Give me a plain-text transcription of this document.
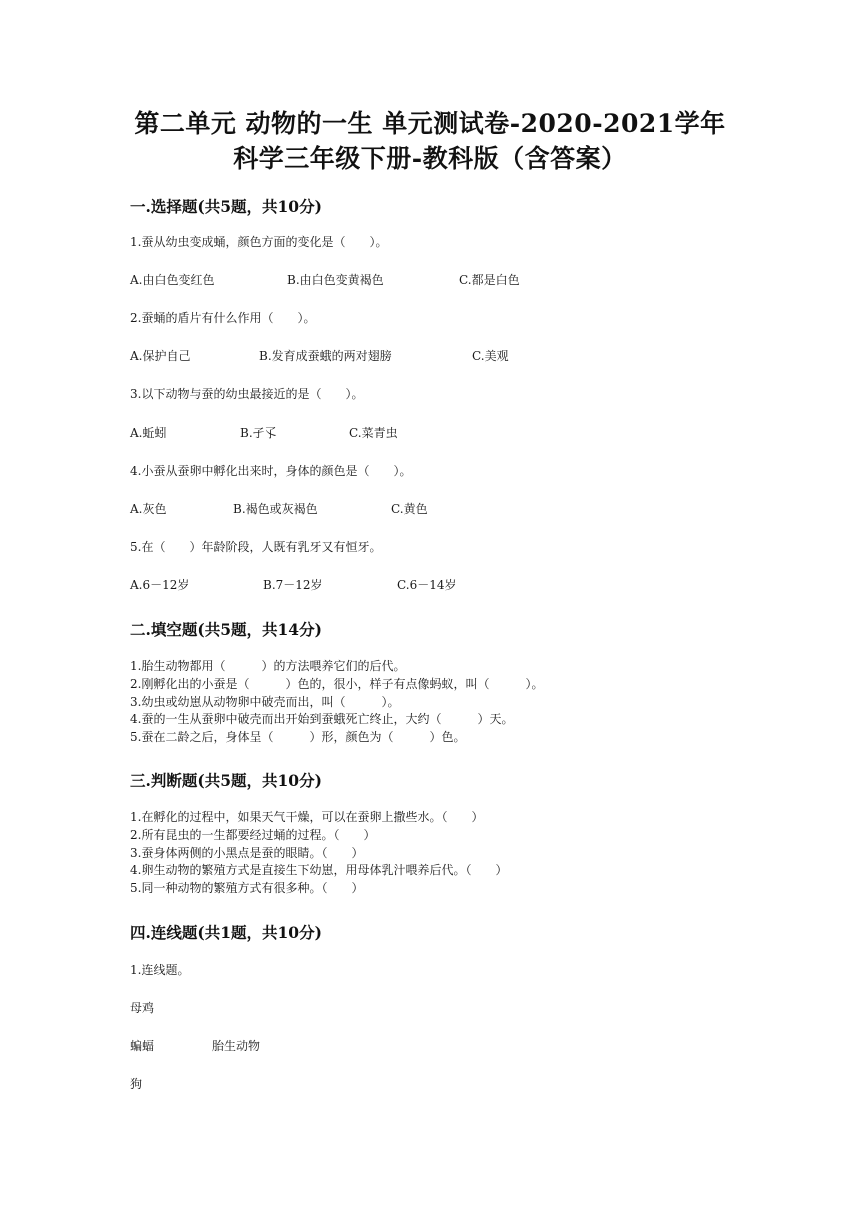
第二单元 动物的一生 单元测试卷-2020-2021学年
科学三年级下册-教科版（含答案）
一.选择题(共5题，共10分)
1.蚕从幼虫变成蛹，颜色方面的变化是（　　）。
A.由白色变红色	B.由白色变黄褐色	C.都是白色
2.蚕蛹的盾片有什么作用（　　）。
A.保护自己	B.发育成蚕蛾的两对翅膀	C.美观
3.以下动物与蚕的幼虫最接近的是（　　）。
A.蚯蚓	B.孑孓	C.菜青虫
4.小蚕从蚕卵中孵化出来时，身体的颜色是（　　）。
A.灰色	B.褐色或灰褐色	C.黄色
5.在（　　）年龄阶段，人既有乳牙又有恒牙。
A.6－12岁	B.7－12岁	C.6－14岁
二.填空题(共5题，共14分)
1.胎生动物都用（　　　）的方法喂养它们的后代。
2.刚孵化出的小蚕是（　　　）色的，很小，样子有点像蚂蚁，叫（　　　）。
3.幼虫或幼崽从动物卵中破壳而出，叫（　　　）。
4.蚕的一生从蚕卵中破壳而出开始到蚕蛾死亡终止，大约（　　　）天。
5.蚕在二龄之后，身体呈（　　　）形，颜色为（　　　）色。
三.判断题(共5题，共10分)
1.在孵化的过程中，如果天气干燥，可以在蚕卵上撒些水。（　　）
2.所有昆虫的一生都要经过蛹的过程。（　　）
3.蚕身体两侧的小黑点是蚕的眼睛。（　　）
4.卵生动物的繁殖方式是直接生下幼崽，用母体乳汁喂养后代。（　　）
5.同一种动物的繁殖方式有很多种。（　　）
四.连线题(共1题，共10分)
1.连线题。
母鸡
蝙蝠	胎生动物
狗
